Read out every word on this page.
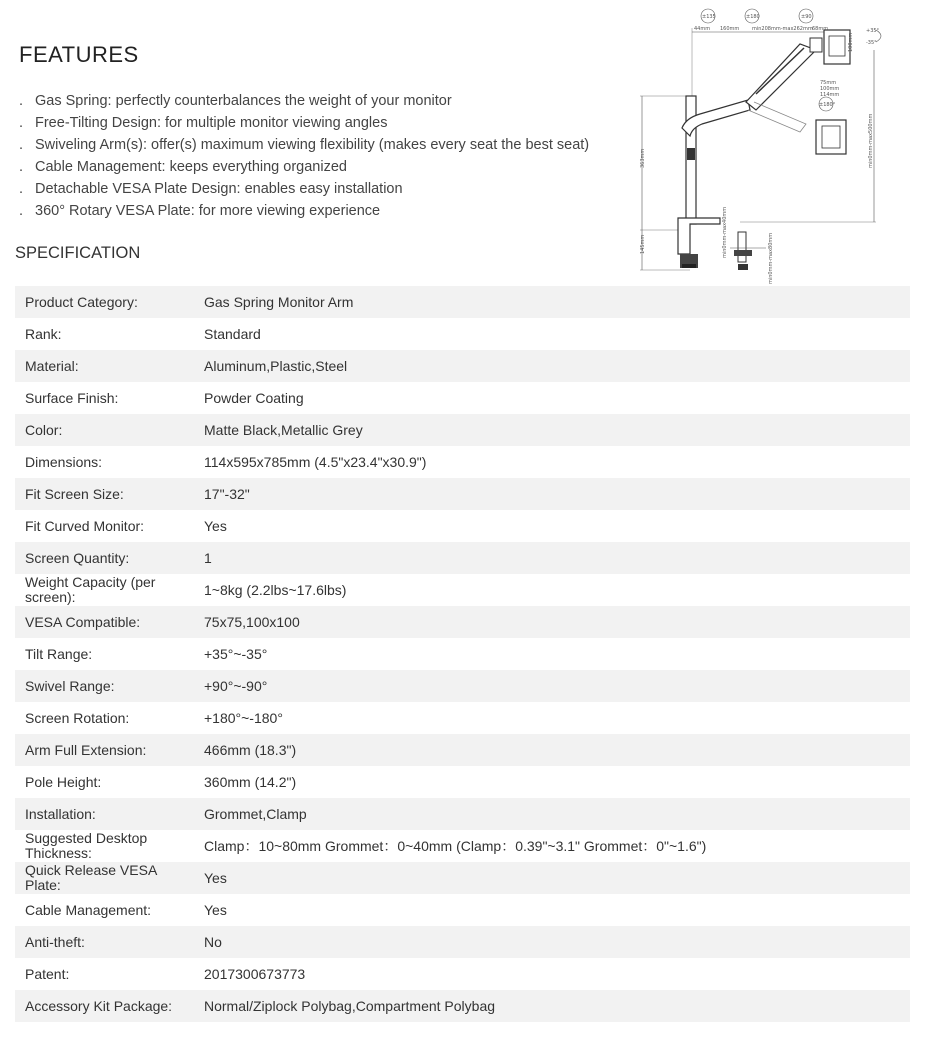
FEATURES
. Gas Spring: perfectly counterbalances the weight of your monitor
. Free-Tilting Design: for multiple monitor viewing angles
. Swiveling Arm(s): offer(s) maximum viewing flexibility (makes every seat the best seat)
. Cable Management: keeps everything organized
. Detachable VESA Plate Design: enables easy installation
. 360° Rotary VESA Plate: for more viewing experience
SPECIFICATION
±135	±180	±90
+35°
-35°
44mm 160mm	min208mm-max262mm 68mm
75mm
100mm
114mm
100mm
±180°
363mm
145mm
min0mm-max500mm
min0mm-max40mm
min0mm-max80mm
Product Category:	Gas Spring Monitor Arm
Rank:	Standard
Material:	Aluminum,Plastic,Steel
Surface Finish:	Powder Coating
Color:	Matte Black,Metallic Grey
Dimensions:	114x595x785mm (4.5"x23.4"x30.9")
Fit Screen Size:	17"-32"
Fit Curved Monitor:	Yes
Screen Quantity:	1
Weight Capacity (per screen):	1~8kg (2.2lbs~17.6lbs)
VESA Compatible:	75x75,100x100
Tilt Range:	+35°~-35°
Swivel Range:	+90°~-90°
Screen Rotation:	+180°~-180°
Arm Full Extension:	466mm (18.3")
Pole Height:	360mm (14.2")
Installation:	Grommet,Clamp
Suggested Desktop Thickness:	Clamp：10~80mm Grommet：0~40mm (Clamp：0.39"~3.1" Grommet：0"~1.6")
Quick Release VESA Plate:	Yes
Cable Management:	Yes
Anti-theft:	No
Patent:	2017300673773
Accessory Kit Package:	Normal/Ziplock Polybag,Compartment Polybag
